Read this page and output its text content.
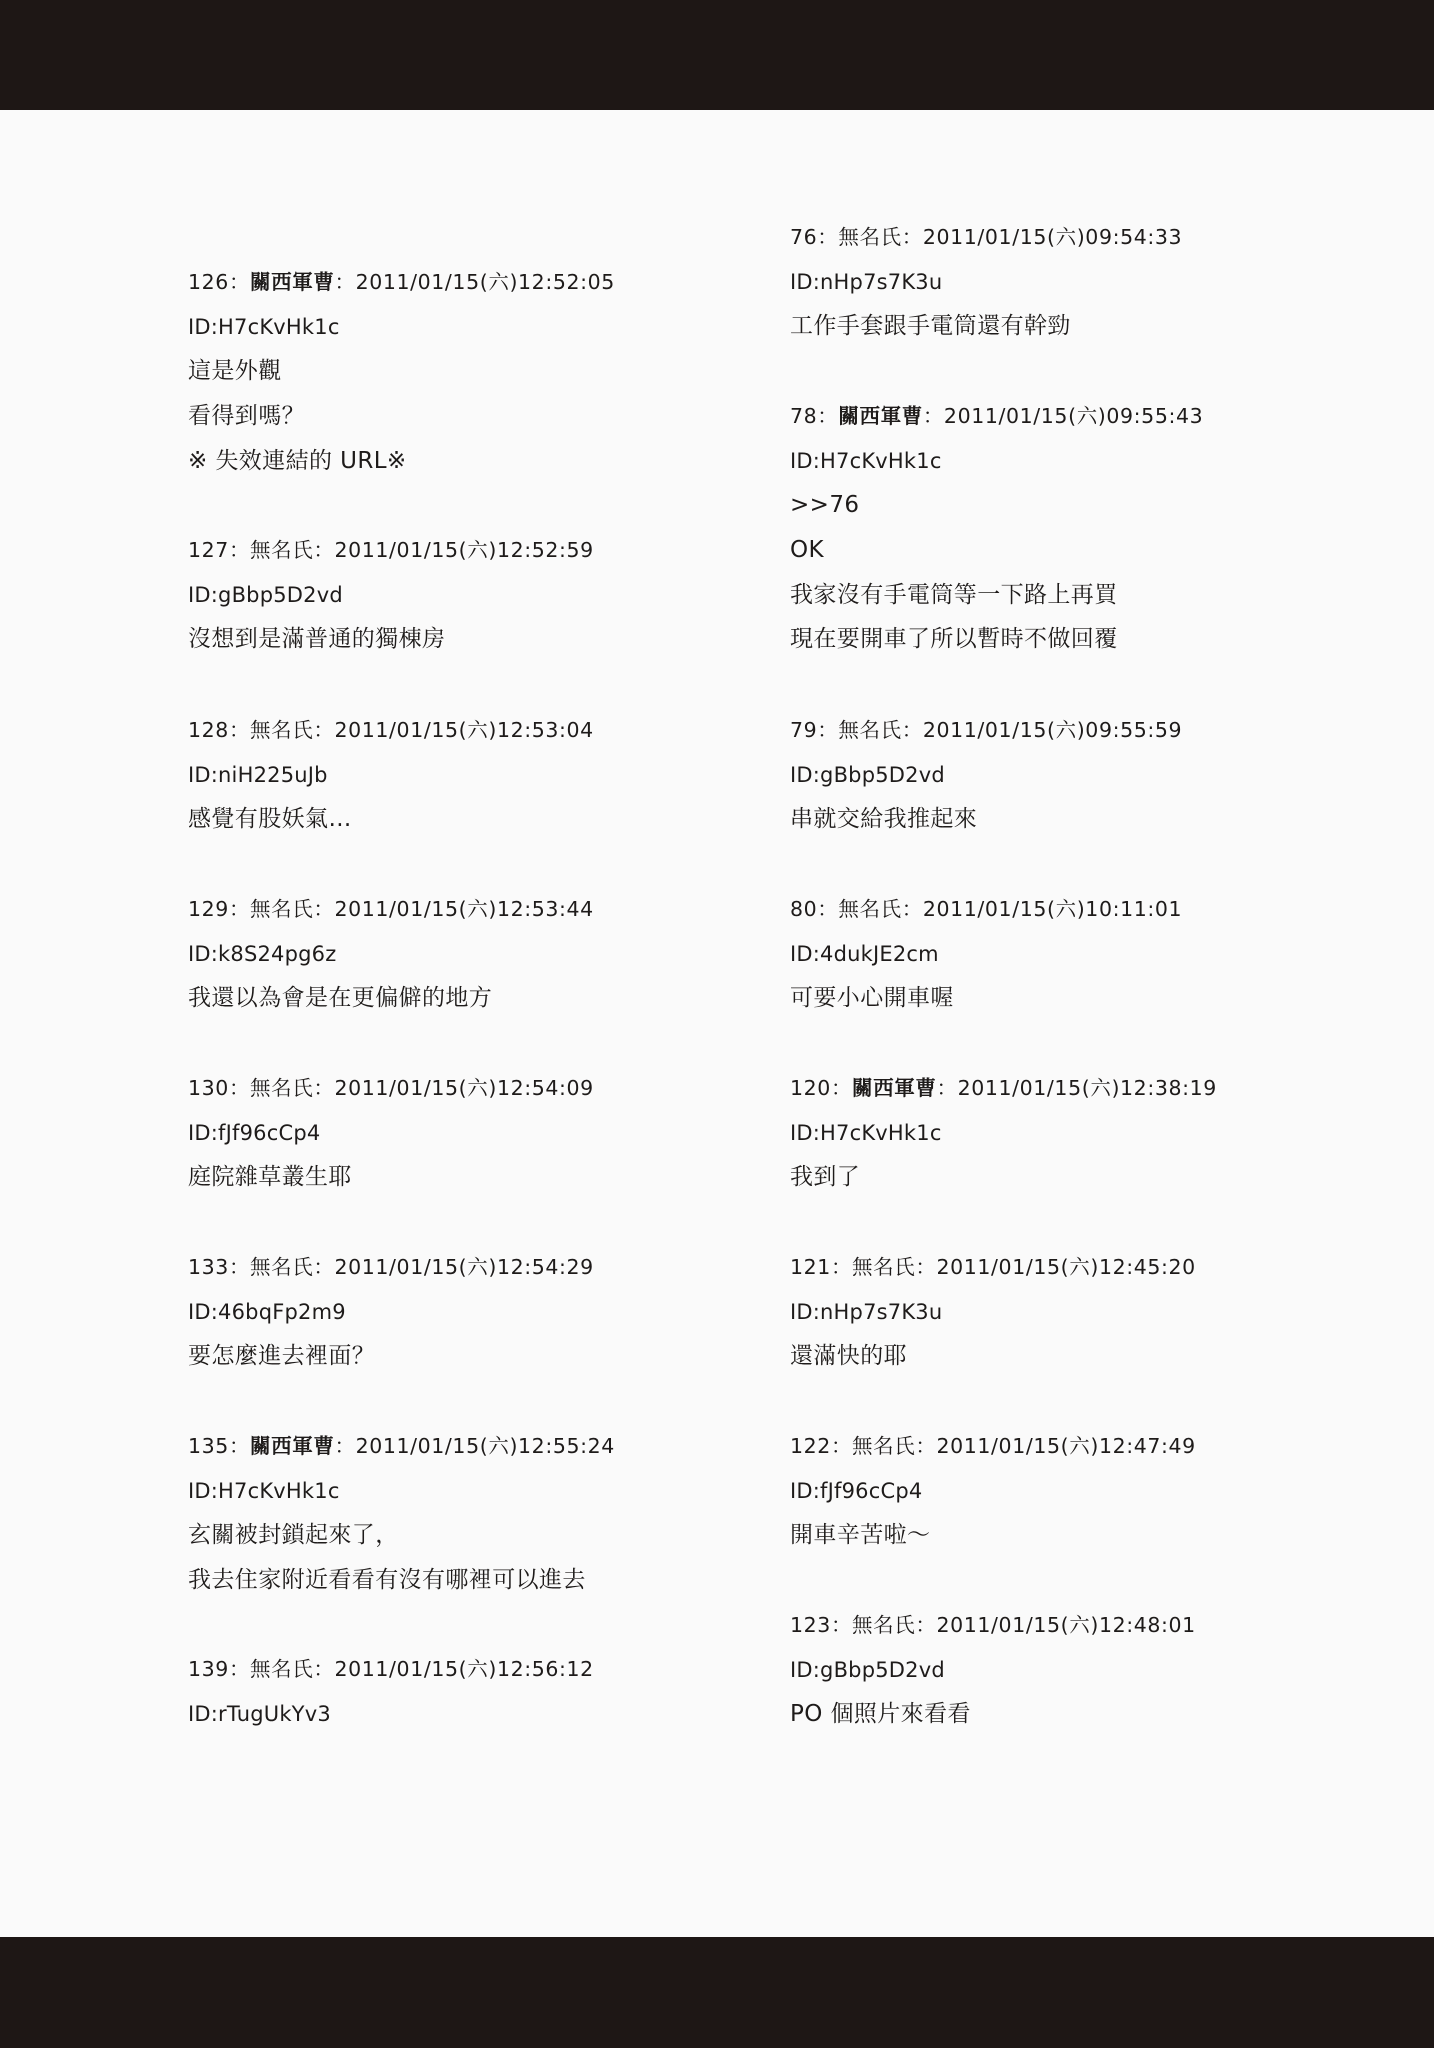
126：關西軍曹：2011/01/15(六)12:52:05
ID:H7cKvHk1c
這是外觀
看得到嗎？
※ 失效連結的 URL※
127：無名氏：2011/01/15(六)12:52:59
ID:gBbp5D2vd
沒想到是滿普通的獨棟房
128：無名氏：2011/01/15(六)12:53:04
ID:niH225uJb
感覺有股妖氣…
129：無名氏：2011/01/15(六)12:53:44
ID:k8S24pg6z
我還以為會是在更偏僻的地方
130：無名氏：2011/01/15(六)12:54:09
ID:fJf96cCp4
庭院雜草叢生耶
133：無名氏：2011/01/15(六)12:54:29
ID:46bqFp2m9
要怎麼進去裡面？
135：關西軍曹：2011/01/15(六)12:55:24
ID:H7cKvHk1c
玄關被封鎖起來了，
我去住家附近看看有沒有哪裡可以進去
139：無名氏：2011/01/15(六)12:56:12
ID:rTugUkYv3
76：無名氏：2011/01/15(六)09:54:33
ID:nHp7s7K3u
工作手套跟手電筒還有幹勁
78：關西軍曹：2011/01/15(六)09:55:43
ID:H7cKvHk1c
>>76
OK
我家沒有手電筒等一下路上再買
現在要開車了所以暫時不做回覆
79：無名氏：2011/01/15(六)09:55:59
ID:gBbp5D2vd
串就交給我推起來
80：無名氏：2011/01/15(六)10:11:01
ID:4dukJE2cm
可要小心開車喔
120：關西軍曹：2011/01/15(六)12:38:19
ID:H7cKvHk1c
我到了
121：無名氏：2011/01/15(六)12:45:20
ID:nHp7s7K3u
還滿快的耶
122：無名氏：2011/01/15(六)12:47:49
ID:fJf96cCp4
開車辛苦啦～
123：無名氏：2011/01/15(六)12:48:01
ID:gBbp5D2vd
PO 個照片來看看
